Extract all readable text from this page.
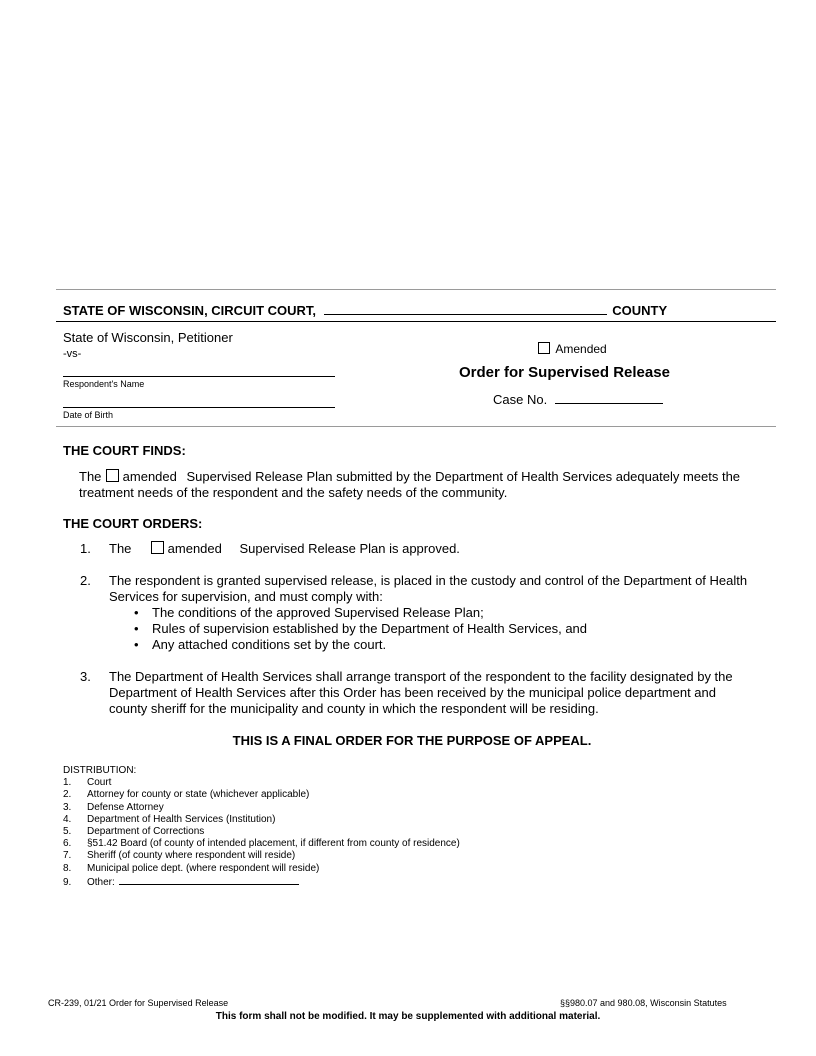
STATE OF WISCONSIN, CIRCUIT COURT,	COUNTY
State of Wisconsin, Petitioner
-vs-
Respondent's Name
Date of Birth
Amended
Order for Supervised Release
Case No.
THE COURT FINDS:
The amended Supervised Release Plan submitted by the Department of Health Services adequately meets the
treatment needs of the respondent and the safety needs of the community.
THE COURT ORDERS:
1. The	amended Supervised Release Plan is approved.
2. The respondent is granted supervised release, is placed in the custody and control of the Department of Health
Services for supervision, and must comply with:
• The conditions of the approved Supervised Release Plan;
• Rules of supervision established by the Department of Health Services, and
• Any attached conditions set by the court.
3. The Department of Health Services shall arrange transport of the respondent to the facility designated by the
Department of Health Services after this Order has been received by the municipal police department and
county sheriff for the municipality and county in which the respondent will be residing.
THIS IS A FINAL ORDER FOR THE PURPOSE OF APPEAL.
DISTRIBUTION:
1. Court
2. Attorney for county or state (whichever applicable)
3. Defense Attorney
4. Department of Health Services (Institution)
5. Department of Corrections
6. §51.42 Board (of county of intended placement, if different from county of residence)
7. Sheriff (of county where respondent will reside)
8. Municipal police dept. (where respondent will reside)
9. Other:
CR-239, 01/21 Order for Supervised Release	§§980.07 and 980.08, Wisconsin Statutes
This form shall not be modified. It may be supplemented with additional material.
